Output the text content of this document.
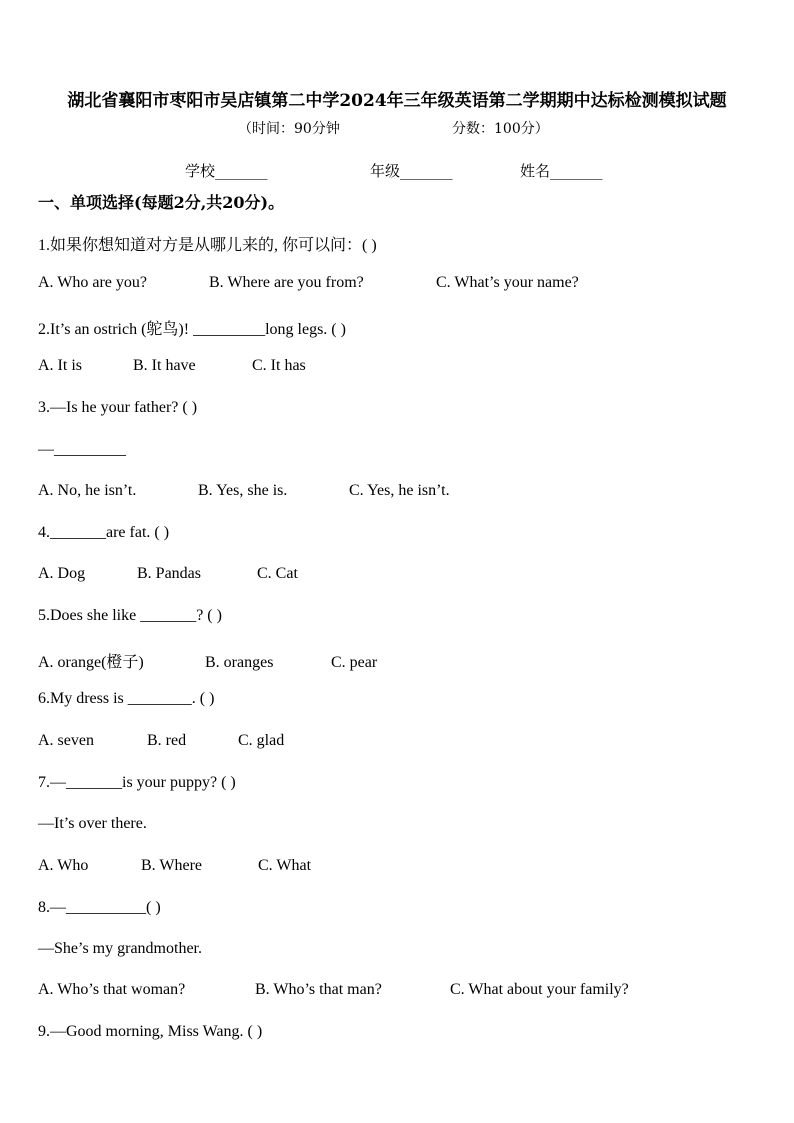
湖北省襄阳市枣阳市吴店镇第二中学2024年三年级英语第二学期期中达标检测模拟试题
（时间：90分钟	分数：100分）
学校_______	年级_______	姓名_______
一、单项选择(每题2分,共20分)。
1.如果你想知道对方是从哪儿来的, 你可以问：( )
A. Who are you?	B. Where are you from?	C. What’s your name?
2.It’s an ostrich (鸵鸟)! _________long legs. ( )
A. It is	B. It have	C. It has
3.—Is he your father? ( )
—_________
A. No, he isn’t.	B. Yes, she is.	C. Yes, he isn’t.
4._______are fat. ( )
A. Dog	B. Pandas	C. Cat
5.Does she like _______? ( )
A. orange(橙子)	B. oranges	C. pear
6.My dress is ________. ( )
A. seven	B. red	C. glad
7.—_______is your puppy? ( )
—It’s over there.
A. Who	B. Where	C. What
8.—__________( )
—She’s my grandmother.
A. Who’s that woman?	B. Who’s that man?	C. What about your family?
9.—Good morning, Miss Wang. ( )
